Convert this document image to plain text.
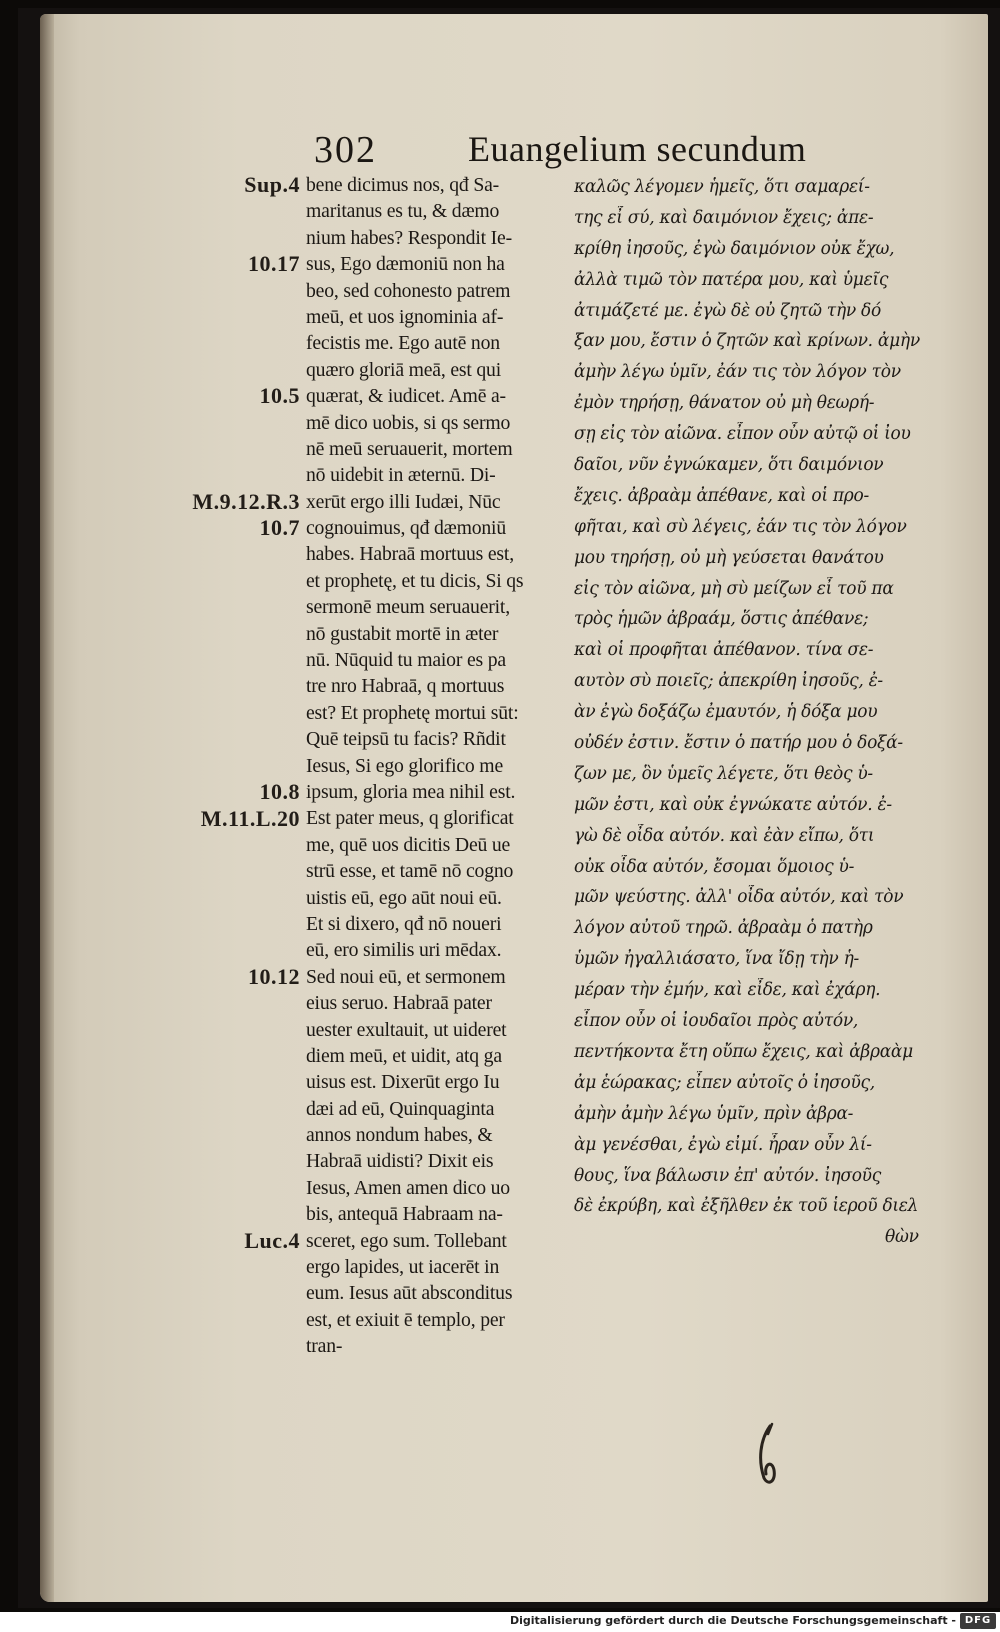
302	Euangelium secundum
Sup.4
10.17
10.5
M.9.12.R.3
10.7
10.8
M.11.L.20
10.12
Luc.4
bene dicimus nos, qđ Sa-
maritanus es tu, & dæmo
nium habes? Respondit Ie-
sus, Ego dæmoniū non ha
beo, sed cohonesto patrem
meū, et uos ignominia af-
fecistis me. Ego autē non
quæro gloriā meā, est qui
quærat, & iudicet. Amē a-
mē dico uobis, si qs sermo
nē meū seruauerit, mortem
nō uidebit in æternū. Di-
xerūt ergo illi Iudæi, Nūc
cognouimus, qđ dæmoniū
habes. Habraā mortuus est,
et prophetę, et tu dicis, Si qs
sermonē meum seruauerit,
nō gustabit mortē in æter
nū. Nūquid tu maior es pa
tre nro Habraā, q mortuus
est? Et prophetę mortui sūt:
Quē teipsū tu facis? Rñdit
Iesus, Si ego glorifico me
ipsum, gloria mea nihil est.
Est pater meus, q glorificat
me, quē uos dicitis Deū ue
strū esse, et tamē nō cogno
uistis eū, ego aūt noui eū.
Et si dixero, qđ nō noueri
eū, ero similis uri mēdax.
Sed noui eū, et sermonem
eius seruo. Habraā pater
uester exultauit, ut uideret
diem meū, et uidit, atq ga
uisus est. Dixerūt ergo Iu
dæi ad eū, Quinquaginta
annos nondum habes, &
Habraā uidisti? Dixit eis
Iesus, Amen amen dico uo
bis, antequā Habraam na-
sceret, ego sum. Tollebant
ergo lapides, ut iacerēt in
eum. Iesus aūt absconditus
est, et exiuit ē templo, per
tran-
καλῶς λέγομεν ἡμεῖς, ὅτι σαμαρεί-
της εἶ σύ, καὶ δαιμόνιον ἔχεις; ἀπε-
κρίθη ἰησοῦς, ἐγὼ δαιμόνιον οὐκ ἔχω,
ἀλλὰ τιμῶ τὸν πατέρα μου, καὶ ὑμεῖς
ἀτιμάζετέ με. ἐγὼ δὲ οὐ ζητῶ τὴν δό
ξαν μου, ἔστιν ὁ ζητῶν καὶ κρίνων. ἀμὴν
ἀμὴν λέγω ὑμῖν, ἐάν τις τὸν λόγον τὸν
ἐμὸν τηρήσῃ, θάνατον οὐ μὴ θεωρή-
σῃ εἰς τὸν αἰῶνα. εἶπον οὖν αὐτῷ οἱ ἰου
δαῖοι, νῦν ἐγνώκαμεν, ὅτι δαιμόνιον
ἔχεις. ἀβραὰμ ἀπέθανε, καὶ οἱ προ-
φῆται, καὶ σὺ λέγεις, ἐάν τις τὸν λόγον
μου τηρήσῃ, οὐ μὴ γεύσεται θανάτου
εἰς τὸν αἰῶνα, μὴ σὺ μείζων εἶ τοῦ πα
τρὸς ἡμῶν ἀβραάμ, ὅστις ἀπέθανε;
καὶ οἱ προφῆται ἀπέθανον. τίνα σε-
αυτὸν σὺ ποιεῖς; ἀπεκρίθη ἰησοῦς, ἐ-
ὰν ἐγὼ δοξάζω ἐμαυτόν, ἡ δόξα μου
οὐδέν ἐστιν. ἔστιν ὁ πατήρ μου ὁ δοξά-
ζων με, ὃν ὑμεῖς λέγετε, ὅτι θεὸς ὑ-
μῶν ἐστι, καὶ οὐκ ἐγνώκατε αὐτόν. ἐ-
γὼ δὲ οἶδα αὐτόν. καὶ ἐὰν εἴπω, ὅτι
οὐκ οἶδα αὐτόν, ἔσομαι ὅμοιος ὑ-
μῶν ψεύστης. ἀλλ' οἶδα αὐτόν, καὶ τὸν
λόγον αὐτοῦ τηρῶ. ἀβραὰμ ὁ πατὴρ
ὑμῶν ἠγαλλιάσατο, ἵνα ἴδῃ τὴν ἡ-
μέραν τὴν ἐμήν, καὶ εἶδε, καὶ ἐχάρη.
εἶπον οὖν οἱ ἰουδαῖοι πρὸς αὐτόν,
πεντήκοντα ἔτη οὔπω ἔχεις, καὶ ἀβραὰμ
ἀμ ἑώρακας; εἶπεν αὐτοῖς ὁ ἰησοῦς,
ἀμὴν ἀμὴν λέγω ὑμῖν, πρὶν ἀβρα-
ὰμ γενέσθαι, ἐγὼ εἰμί. ἦραν οὖν λί-
θους, ἵνα βάλωσιν ἐπ' αὐτόν. ἰησοῦς
δὲ ἐκρύβη, καὶ ἐξῆλθεν ἐκ τοῦ ἱεροῦ διελ
θὼν
Digitalisierung gefördert durch die Deutsche Forschungsgemeinschaft - DFG
